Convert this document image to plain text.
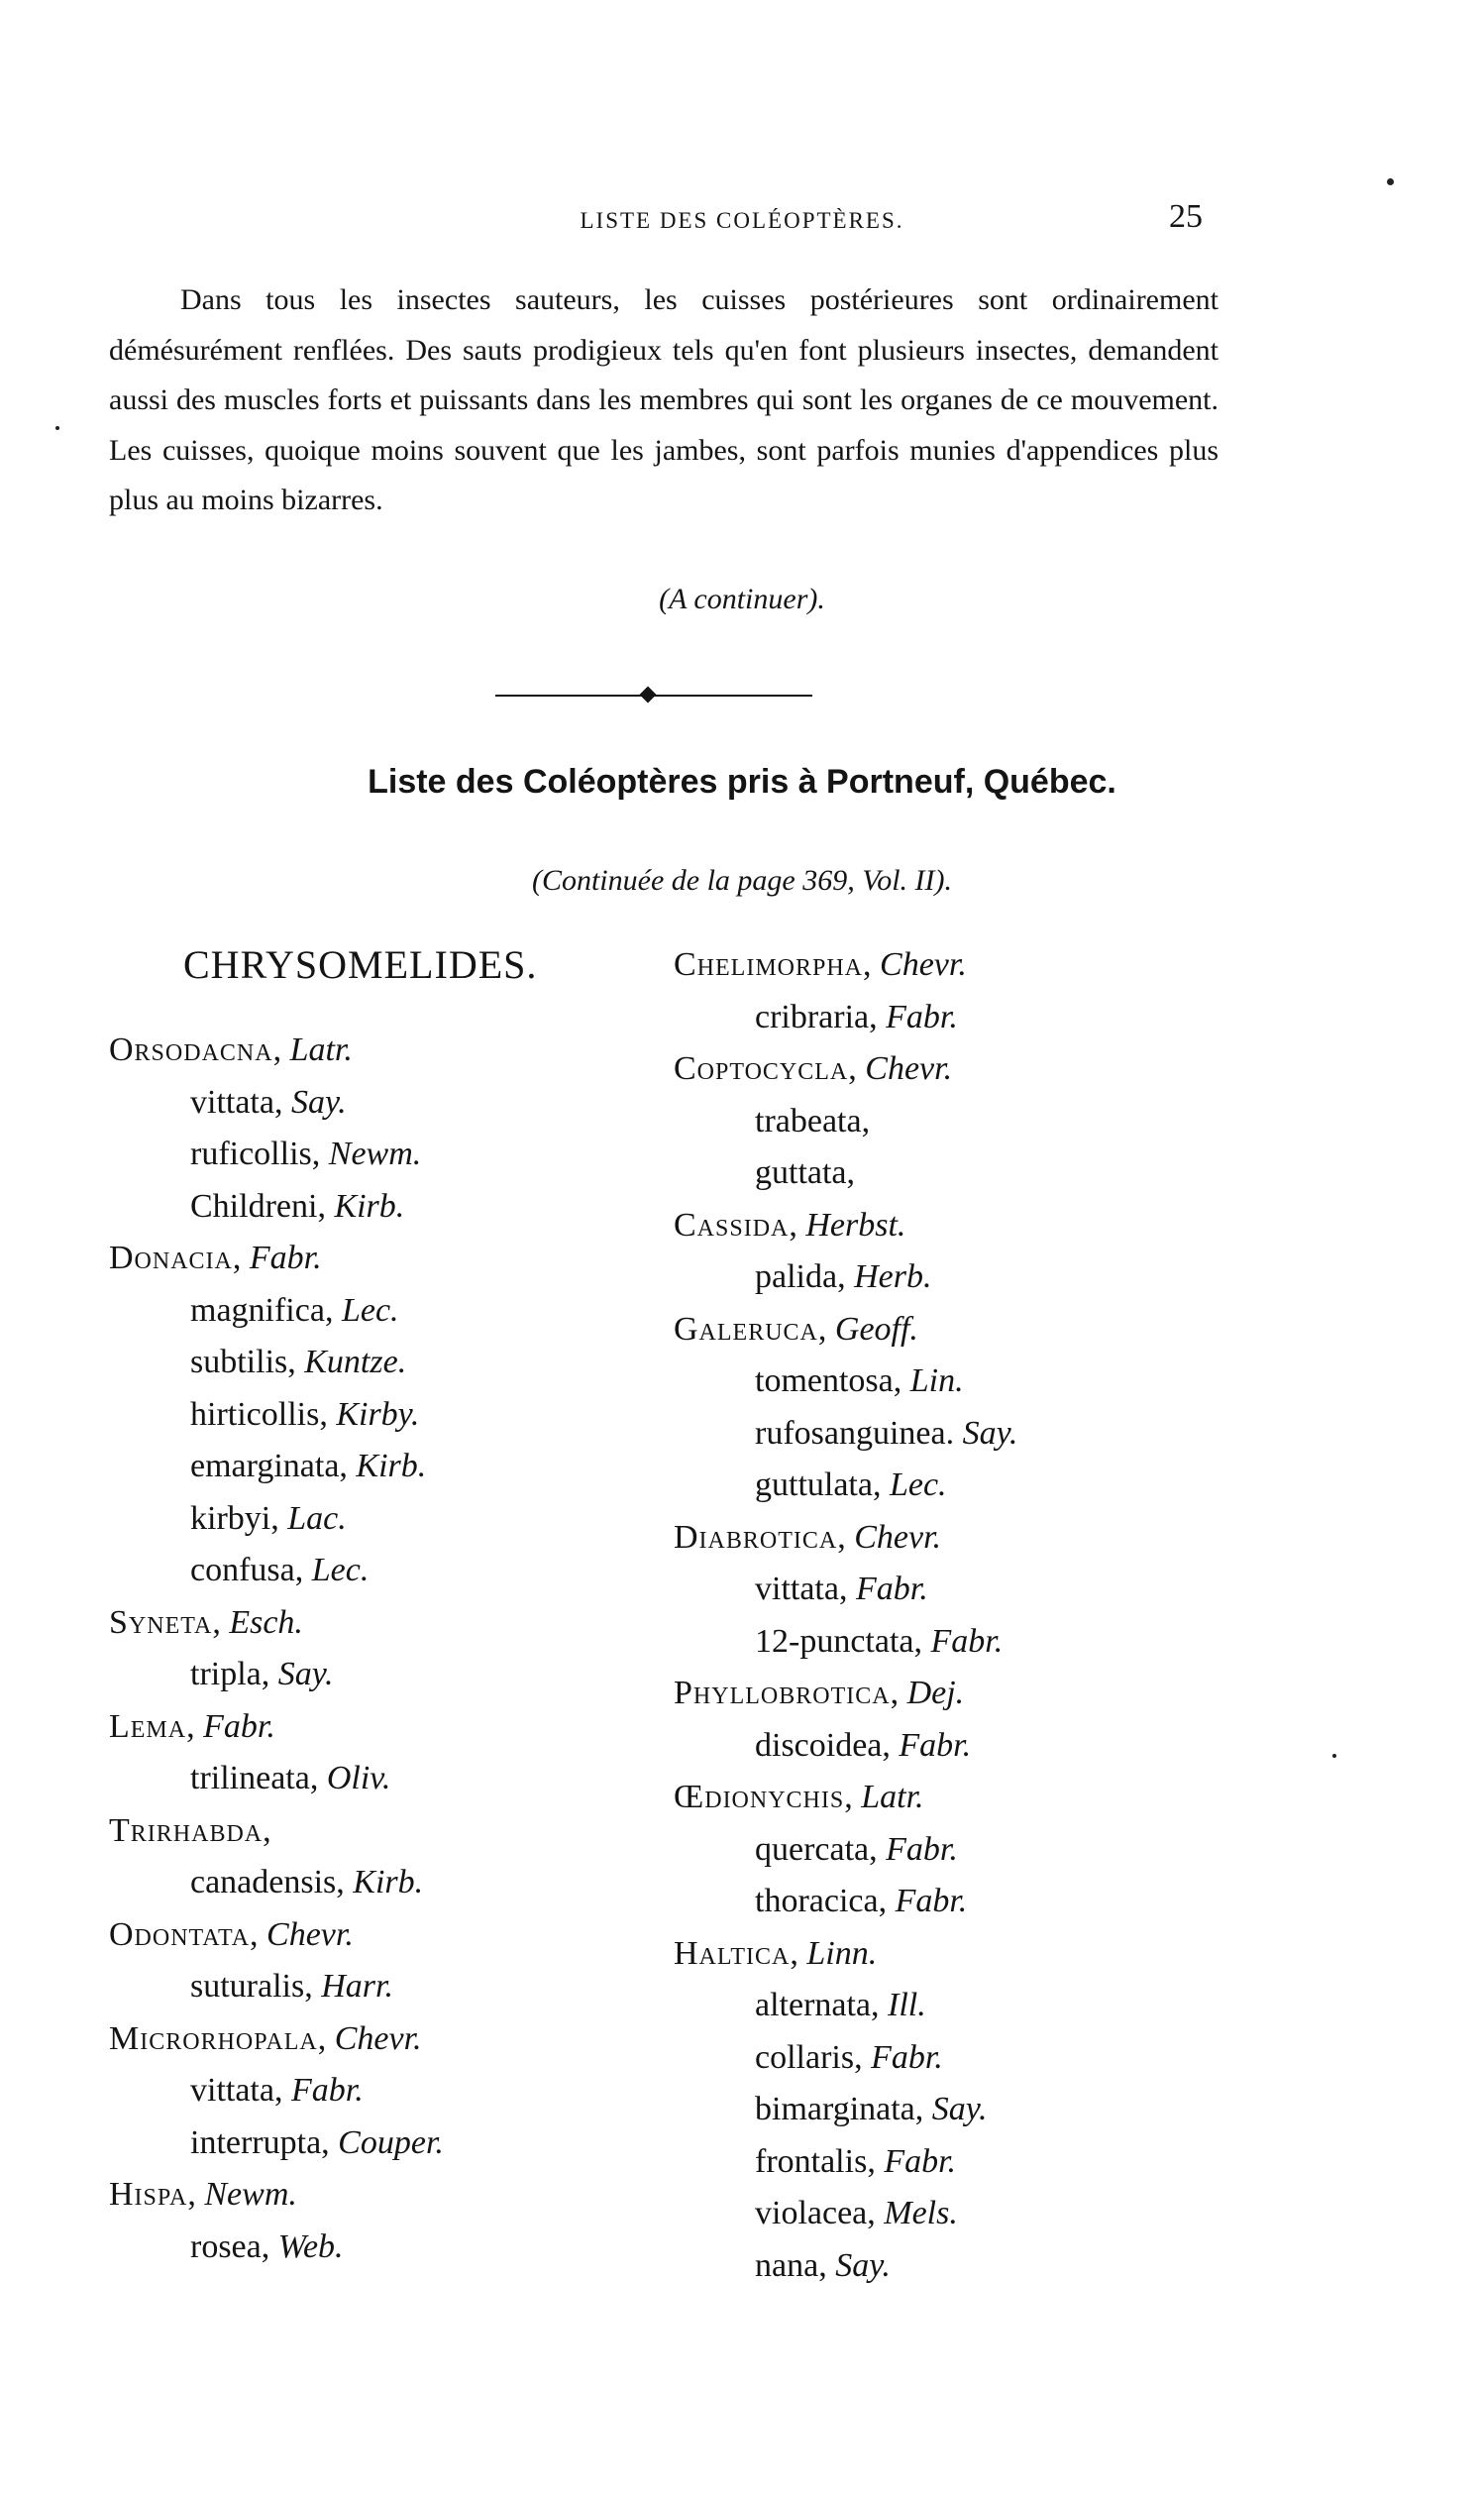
LISTE DES COLÉOPTÈRES.	25

Dans tous les insectes sauteurs, les cuisses postérieures sont ordinairement démésurément renflées. Des sauts prodigieux tels qu'en font plusieurs insectes, demandent aussi des muscles forts et puissants dans les membres qui sont les organes de ce mouvement. Les cuisses, quoique moins souvent que les jambes, sont parfois munies d'appendices plus plus au moins bizarres.

(A continuer).
Liste des Coléoptères pris à Portneuf, Québec.
(Continuée de la page 369, Vol. II).
CHRYSOMELIDES.
Orsodacna, Latr.
vittata, Say.
ruficollis, Newm.
Childreni, Kirb.
Donacia, Fabr.
magnifica, Lec.
subtilis, Kuntze.
hirticollis, Kirby.
emarginata, Kirb.
kirbyi, Lac.
confusa, Lec.
Syneta, Esch.
tripla, Say.
Lema, Fabr.
trilineata, Oliv.
Trirhabda,
canadensis, Kirb.
Odontata, Chevr.
suturalis, Harr.
Microrhopala, Chevr.
vittata, Fabr.
interrupta, Couper.
Hispa, Newm.
rosea, Web.
Chelimorpha, Chevr.
cribraria, Fabr.
Coptocycla, Chevr.
trabeata,
guttata,
Cassida, Herbst.
palida, Herb.
Galeruca, Geoff.
tomentosa, Lin.
rufosanguinea. Say.
guttulata, Lec.
Diabrotica, Chevr.
vittata, Fabr.
12-punctata, Fabr.
Phyllobrotica, Dej.
discoidea, Fabr.
Œdionychis, Latr.
quercata, Fabr.
thoracica, Fabr.
Haltica, Linn.
alternata, Ill.
collaris, Fabr.
bimarginata, Say.
frontalis, Fabr.
violacea, Mels.
nana, Say.
